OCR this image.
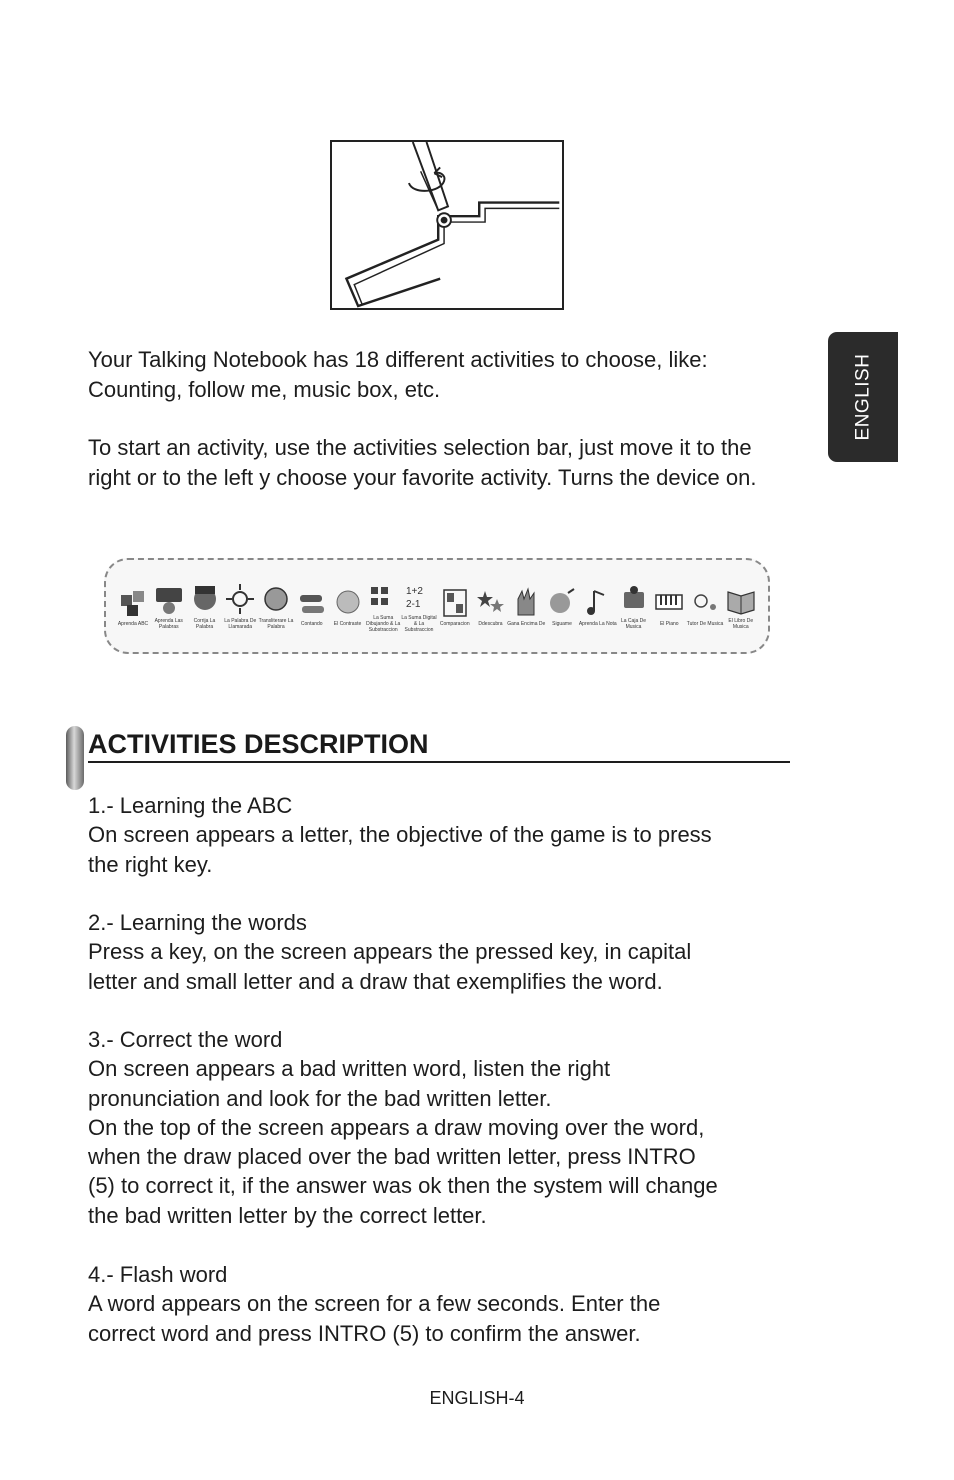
ENGLISH

Your Talking Notebook has 18 different activities to choose, like: Counting, follow me, music box, etc.

To start an activity, use the activities selection bar, just move it to the right or to the left y choose your favorite activity. Turns the device on.

Aprenda ABC	Aprenda Las Palabras
Corrija La Palabra
La Palabra De Llamarada
Transliterare La Palabra	Contando	El Contraste
La Suma Dibujando & La Substraccion
1+2
2-1
La Suma Digital & La Substraccion
Comparacion	Ddescubra Gana Encima De	Siguame	Aprenda La Nota La Caja De Musica	El Piano	Tutor De Musica	El Libro De Musica
ACTIVITIES DESCRIPTION
1.- Learning the ABC
On screen appears a letter, the objective of the game is to press
the right key.
2.- Learning the words
Press a key, on the screen appears the pressed key, in capital
letter and small letter and a draw that exemplifies the word.
3.- Correct the word
On screen appears a bad written word, listen the right
pronunciation and look for the bad written letter.
On the top of the screen appears a draw moving over the word,
when the draw placed over the bad written letter, press INTRO
(5) to correct it, if the answer was ok then the system will change
the bad written letter by the correct letter.
4.- Flash word
A word appears on the screen for a few seconds. Enter the
correct word and press INTRO (5) to confirm the answer.
ENGLISH-4
